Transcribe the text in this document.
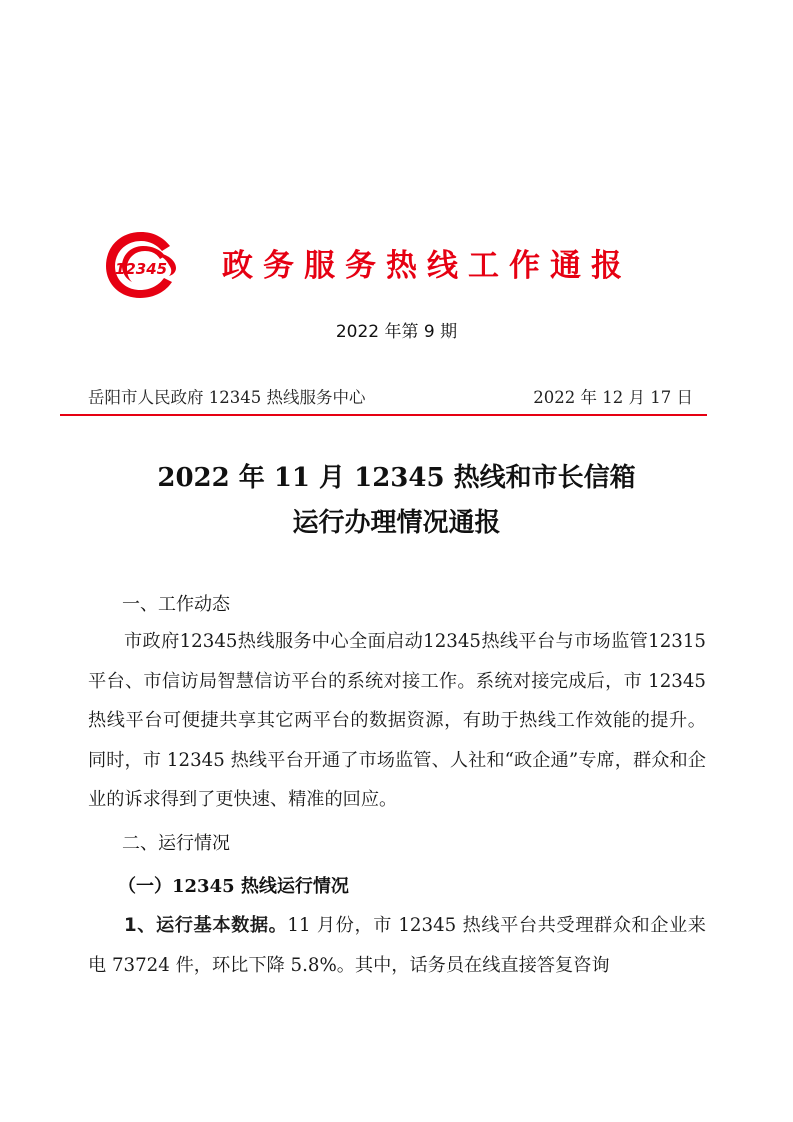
12345 政务服务热线工作通报
2022 年第 9 期
岳阳市人民政府 12345 热线服务中心	2022 年 12 月 17 日
2022 年 11 月 12345 热线和市长信箱
运行办理情况通报
一、工作动态

市政府12345热线服务中心全面启动12345热线平台与市场监管12315平台、市信访局智慧信访平台的系统对接工作。系统对接完成后，市 12345 热线平台可便捷共享其它两平台的数据资源，有助于热线工作效能的提升。同时，市 12345 热线平台开通了市场监管、人社和“政企通”专席，群众和企业的诉求得到了更快速、精准的回应。

二、运行情况
（一）12345 热线运行情况

1、运行基本数据。11 月份，市 12345 热线平台共受理群众和企业来电 73724 件，环比下降 5.8%。其中，话务员在线直接答复咨询
